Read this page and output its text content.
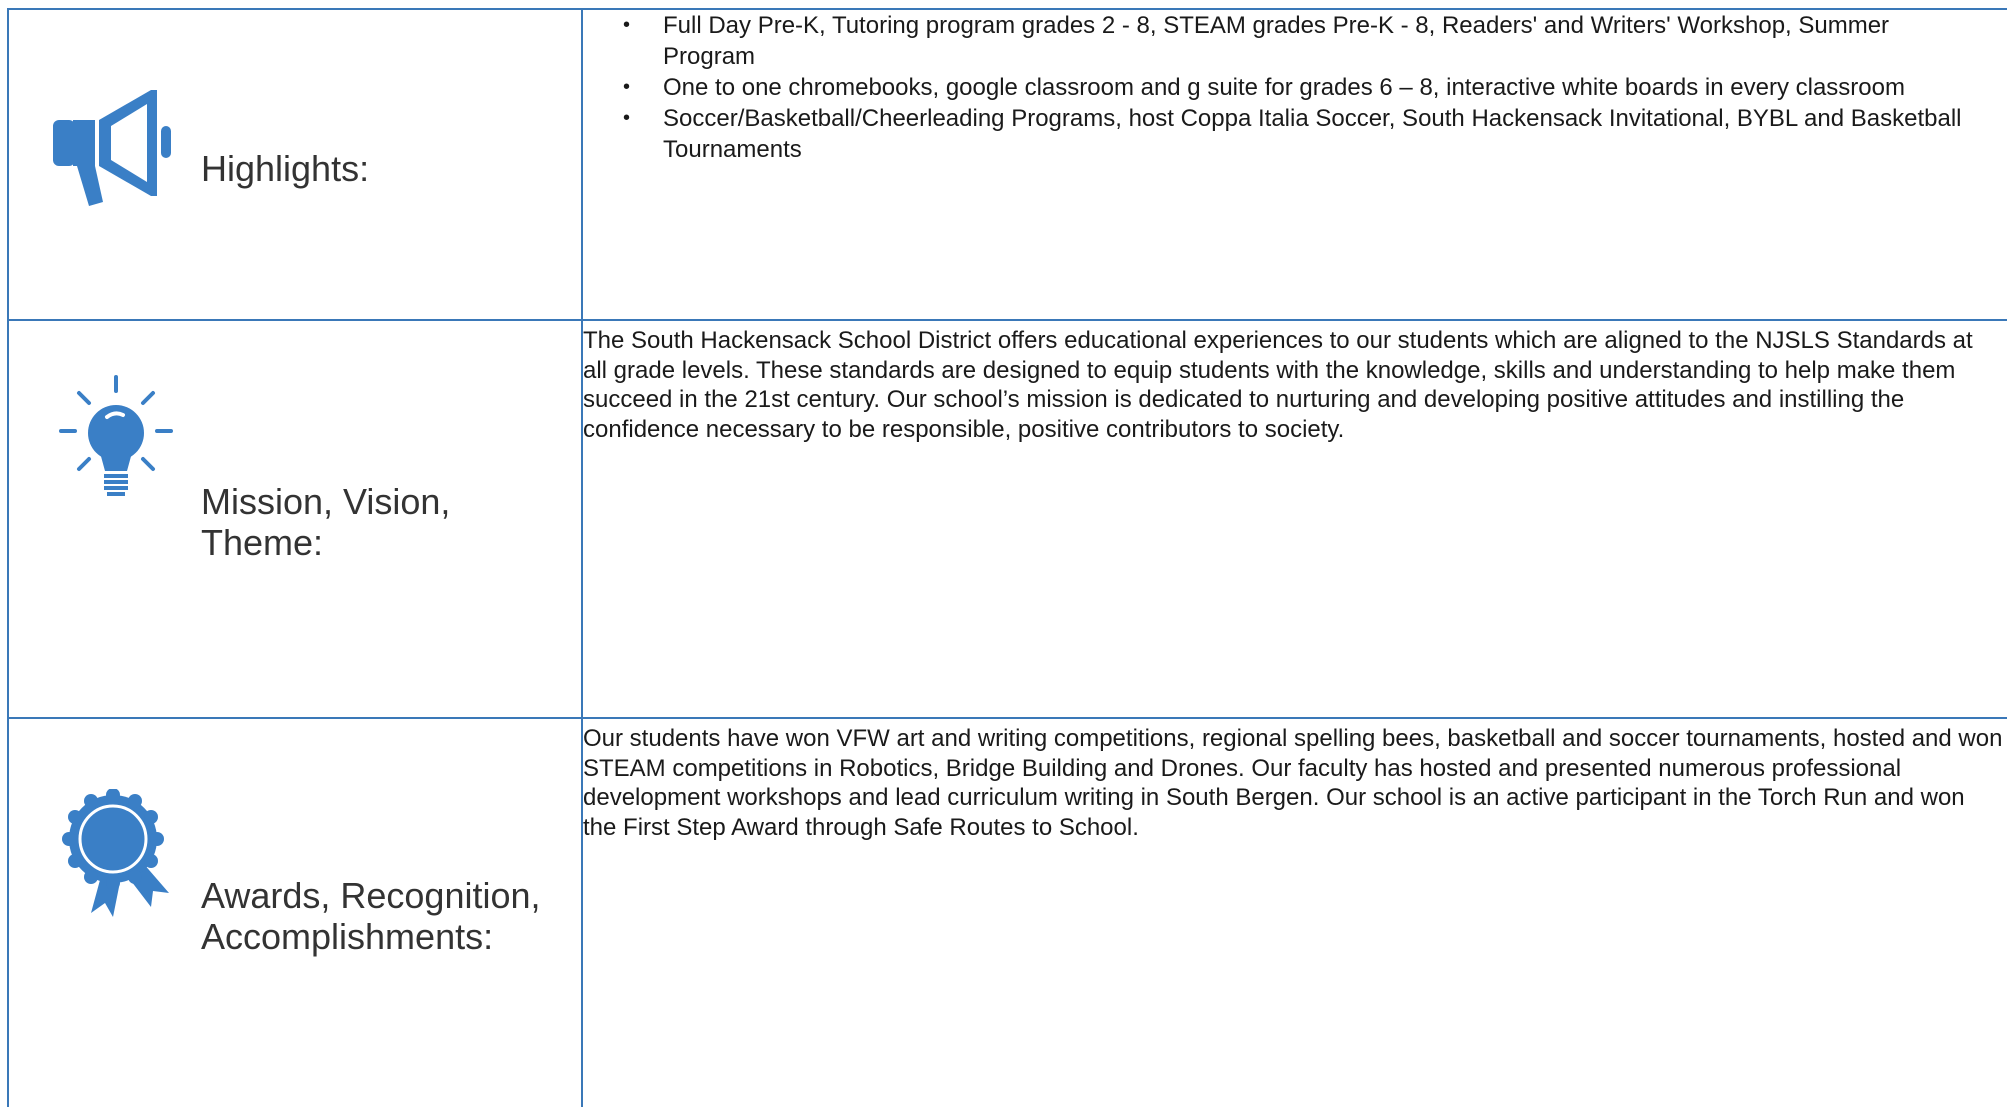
Highlights:
• Full Day Pre-K, Tutoring program grades 2 - 8, STEAM grades Pre-K - 8, Readers' and Writers' Workshop, Summer Program
• One to one chromebooks, google classroom and g suite for grades 6 – 8, interactive white boards in every classroom
• Soccer/Basketball/Cheerleading Programs, host Coppa Italia Soccer, South Hackensack Invitational, BYBL and Basketball Tournaments
Mission, Vision,
Theme:
The South Hackensack School District offers educational experiences to our students which are aligned to the NJSLS Standards at all grade levels. These standards are designed to equip students with the knowledge, skills and understanding to help make them succeed in the 21st century. Our school’s mission is dedicated to nurturing and developing positive attitudes and instilling the confidence necessary to be responsible, positive contributors to society.
Awards, Recognition,
Accomplishments:
Our students have won VFW art and writing competitions, regional spelling bees, basketball and soccer tournaments, hosted and won STEAM competitions in Robotics, Bridge Building and Drones. Our faculty has hosted and presented numerous professional development workshops and lead curriculum writing in South Bergen. Our school is an active participant in the Torch Run and won the First Step Award through Safe Routes to School.
